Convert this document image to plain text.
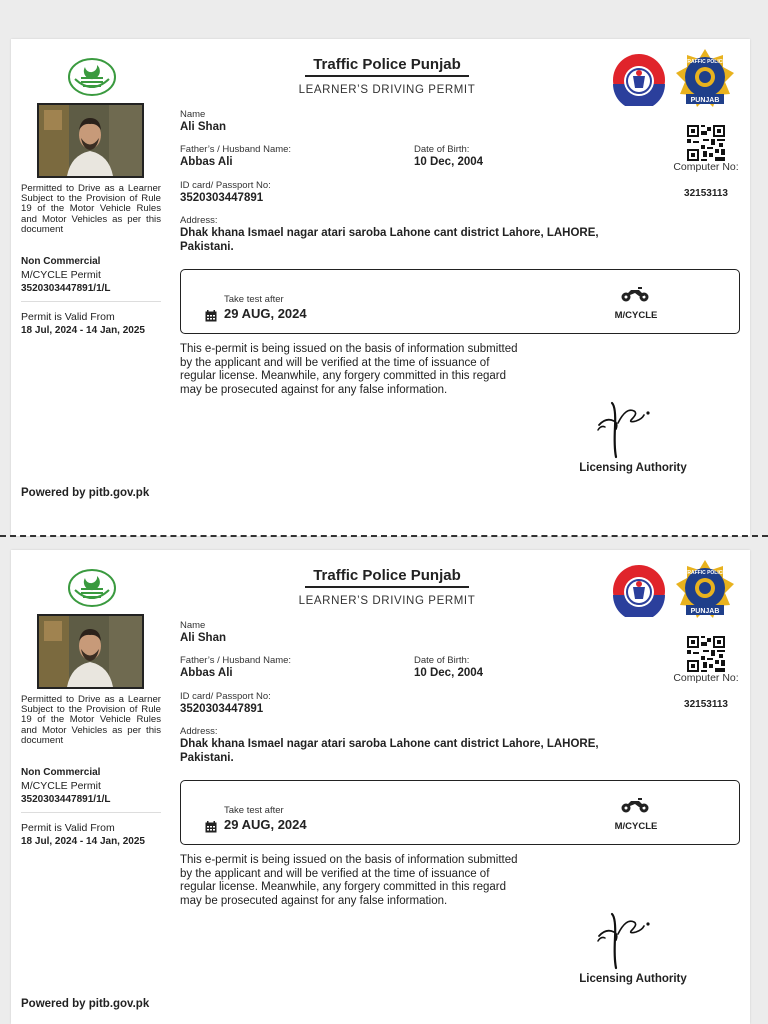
Permitted to Drive as a Learner Subject to the Provision of Rule 19 of the Motor Vehicle Rules and Motor Vehicles as per this document
Non Commercial
M/CYCLE Permit
3520303447891/1/L
Permit is Valid From
18 Jul, 2024 - 14 Jan, 2025
Powered by pitb.gov.pk
Traffic Police Punjab
LEARNER’S DRIVING PERMIT
TRAFFIC POLICE
PUNJAB
Name
Ali Shan
Father’s / Husband Name:
Abbas Ali
Date of Birth:
10 Dec, 2004
ID card/ Passport No:
3520303447891
Address:
Dhak khana Ismael nagar atari saroba Lahone cant district Lahore, LAHORE, Pakistani.
Computer No:
32153113
Take test after
29 AUG, 2024	M/CYCLE
This e-permit is being issued on the basis of information submitted by the applicant and will be verified at the time of issuance of regular license. Meanwhile, any forgery committed in this regard may be prosecuted against for any false information.
Licensing Authority
Permitted to Drive as a Learner Subject to the Provision of Rule 19 of the Motor Vehicle Rules and Motor Vehicles as per this document
Non Commercial
M/CYCLE Permit
3520303447891/1/L
Permit is Valid From
18 Jul, 2024 - 14 Jan, 2025
Powered by pitb.gov.pk
Traffic Police Punjab
LEARNER’S DRIVING PERMIT
TRAFFIC POLICE
PUNJAB
Name
Ali Shan
Father’s / Husband Name:
Abbas Ali
Date of Birth:
10 Dec, 2004
ID card/ Passport No:
3520303447891
Address:
Dhak khana Ismael nagar atari saroba Lahone cant district Lahore, LAHORE, Pakistani.
Computer No:
32153113
Take test after
29 AUG, 2024	M/CYCLE
This e-permit is being issued on the basis of information submitted by the applicant and will be verified at the time of issuance of regular license. Meanwhile, any forgery committed in this regard may be prosecuted against for any false information.
Licensing Authority
